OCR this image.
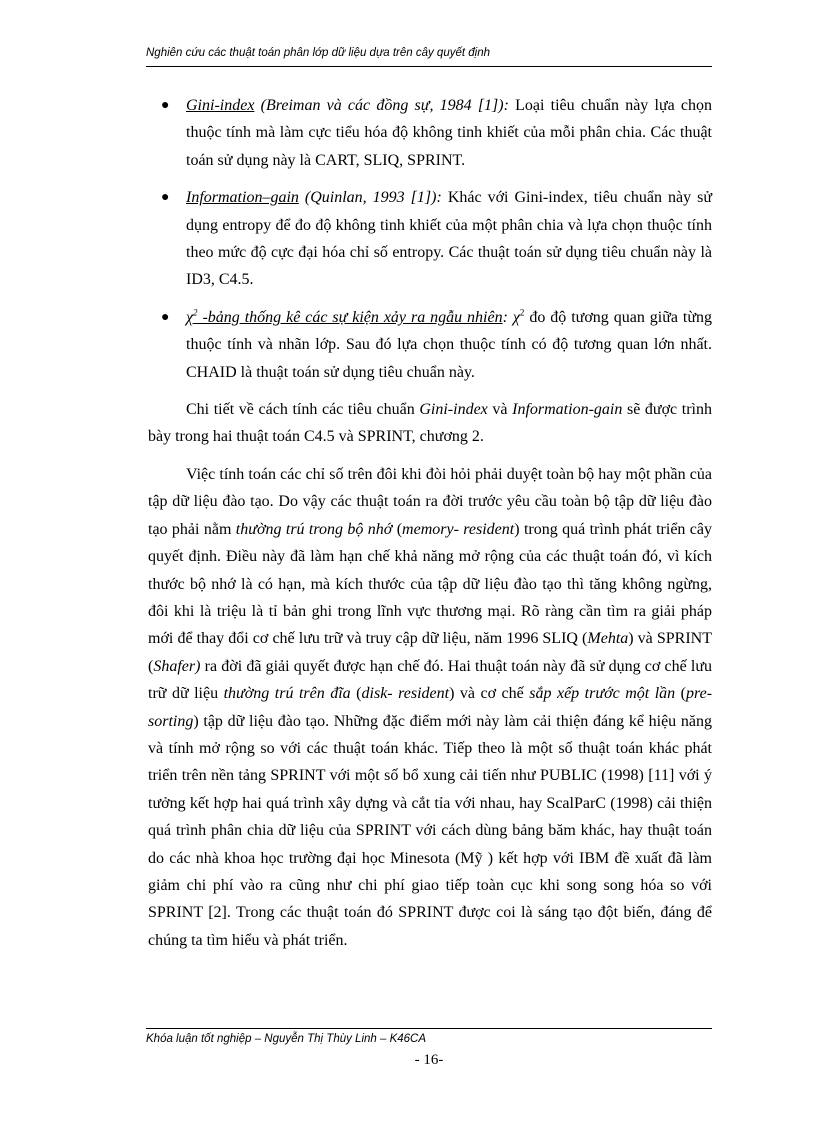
Nghiên cứu các thuật toán phân lớp dữ liệu dựa trên cây quyết định
● Gini-index (Breiman và các đồng sự, 1984 [1]): Loại tiêu chuẩn này lựa chọn thuộc tính mà làm cực tiểu hóa độ không tinh khiết của mỗi phân chia. Các thuật toán sử dụng này là CART, SLIQ, SPRINT.
● Information–gain (Quinlan, 1993 [1]): Khác với Gini-index, tiêu chuẩn này sử dụng entropy để đo độ không tinh khiết của một phân chia và lựa chọn thuộc tính theo mức độ cực đại hóa chỉ số entropy. Các thuật toán sử dụng tiêu chuẩn này là ID3, C4.5.
● $\chi^2$ -bảng thống kê các sự kiện xảy ra ngẫu nhiên: $\chi^2$ đo độ tương quan giữa từng thuộc tính và nhãn lớp. Sau đó lựa chọn thuộc tính có độ tương quan lớn nhất. CHAID là thuật toán sử dụng tiêu chuẩn này.

Chi tiết về cách tính các tiêu chuẩn Gini-index và Information-gain sẽ được trình bày trong hai thuật toán C4.5 và SPRINT, chương 2.

Việc tính toán các chỉ số trên đôi khi đòi hỏi phải duyệt toàn bộ hay một phần của tập dữ liệu đào tạo. Do vậy các thuật toán ra đời trước yêu cầu toàn bộ tập dữ liệu đào tạo phải nằm thường trú trong bộ nhớ (memory- resident) trong quá trình phát triển cây quyết định. Điều này đã làm hạn chế khả năng mở rộng của các thuật toán đó, vì kích thước bộ nhớ là có hạn, mà kích thước của tập dữ liệu đào tạo thì tăng không ngừng, đôi khi là triệu là tỉ bản ghi trong lĩnh vực thương mại. Rõ ràng cần tìm ra giải pháp mới để thay đổi cơ chế lưu trữ và truy cập dữ liệu, năm 1996 SLIQ (Mehta) và SPRINT (Shafer) ra đời đã giải quyết được hạn chế đó. Hai thuật toán này đã sử dụng cơ chế lưu trữ dữ liệu thường trú trên đĩa (disk- resident) và cơ chế sắp xếp trước một lần (pre- sorting) tập dữ liệu đào tạo. Những đặc điểm mới này làm cải thiện đáng kể hiệu năng và tính mở rộng so với các thuật toán khác. Tiếp theo là một số thuật toán khác phát triển trên nền tảng SPRINT với một số bổ xung cải tiến như PUBLIC (1998) [11] với ý tưởng kết hợp hai quá trình xây dựng và cắt tỉa với nhau, hay ScalParC (1998) cải thiện quá trình phân chia dữ liệu của SPRINT với cách dùng bảng băm khác, hay thuật toán do các nhà khoa học trường đại học Minesota (Mỹ ) kết hợp với IBM đề xuất đã làm giảm chi phí vào ra cũng như chi phí giao tiếp toàn cục khi song song hóa so với SPRINT [2]. Trong các thuật toán đó SPRINT được coi là sáng tạo đột biến, đáng để chúng ta tìm hiểu và phát triển.

Khóa luận tốt nghiệp – Nguyễn Thị Thùy Linh – K46CA
- 16-
